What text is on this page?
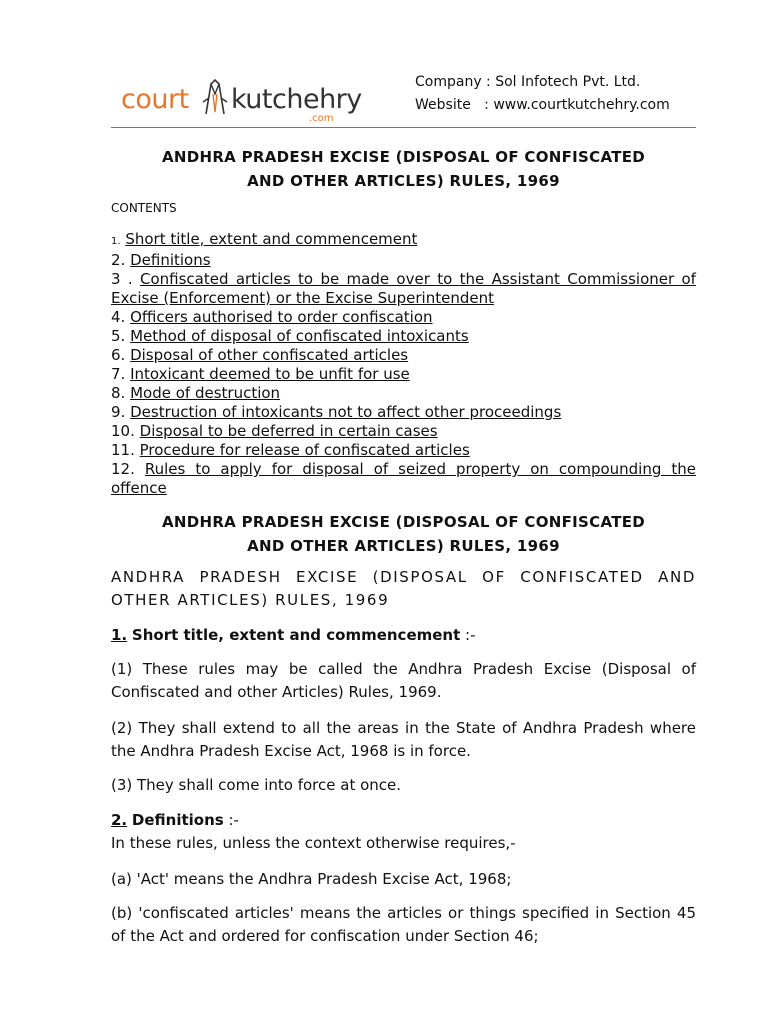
court kutchehry
.com
Company : Sol Infotech Pvt. Ltd.
Website   : www.courtkutchehry.com
ANDHRA PRADESH EXCISE (DISPOSAL OF CONFISCATED
AND OTHER ARTICLES) RULES, 1969
CONTENTS
1. Short title, extent and commencement
2. Definitions
3 . Confiscated articles to be made over to the Assistant Commissioner of Excise (Enforcement) or the Excise Superintendent
4. Officers authorised to order confiscation
5. Method of disposal of confiscated intoxicants
6. Disposal of other confiscated articles
7. Intoxicant deemed to be unfit for use
8. Mode of destruction
9. Destruction of intoxicants not to affect other proceedings
10. Disposal to be deferred in certain cases
11. Procedure for release of confiscated articles
12. Rules to apply for disposal of seized property on compounding the offence
ANDHRA PRADESH EXCISE (DISPOSAL OF CONFISCATED
AND OTHER ARTICLES) RULES, 1969
ANDHRA PRADESH EXCISE (DISPOSAL OF CONFISCATED AND OTHER ARTICLES) RULES, 1969
1. Short title, extent and commencement :-
(1) These rules may be called the Andhra Pradesh Excise (Disposal of Confiscated and other Articles) Rules, 1969.
(2) They shall extend to all the areas in the State of Andhra Pradesh where the Andhra Pradesh Excise Act, 1968 is in force.
(3) They shall come into force at once.
2. Definitions :-
In these rules, unless the context otherwise requires,-
(a) 'Act' means the Andhra Pradesh Excise Act, 1968;
(b) 'confiscated articles' means the articles or things specified in Section 45 of the Act and ordered for confiscation under Section 46;
